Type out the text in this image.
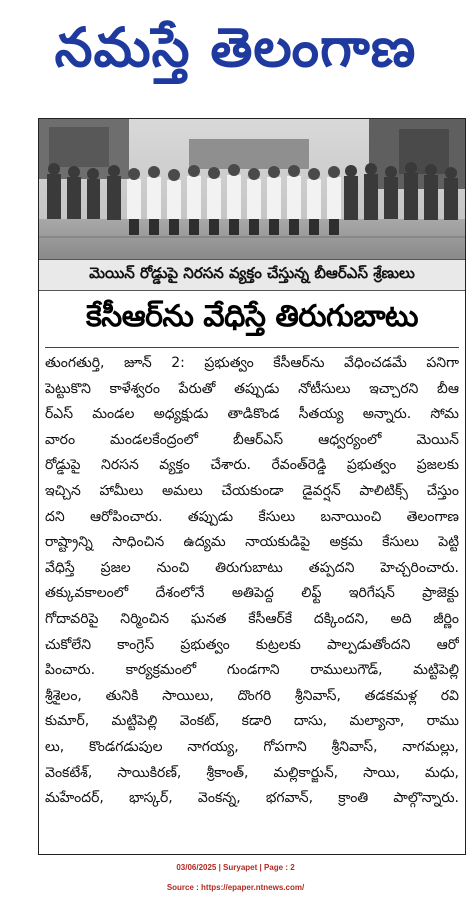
నమస్తే తెలంగాణ
మెయిన్ రోడ్డుపై నిరసన వ్యక్తం చేస్తున్న బీఆర్ఎస్ శ్రేణులు
కేసీఆర్‌ను వేధిస్తే తిరుగుబాటు
తుంగతుర్తి, జూన్ 2: ప్రభుత్వం కేసీఆర్‌ను వేధించడమే పనిగా
పెట్టుకొని కాళేశ్వరం పేరుతో తప్పుడు నోటీసులు ఇచ్చారని బీఆ
ర్ఎస్ మండల అధ్యక్షుడు తాడికొండ సీతయ్య అన్నారు. సోమ
వారం మండలకేంద్రంలో బీఆర్ఎస్ ఆధ్వర్యంలో మెయిన్
రోడ్డుపై నిరసన వ్యక్తం చేశారు. రేవంత్‌రెడ్డి ప్రభుత్వం ప్రజలకు
ఇచ్చిన హామీలు అమలు చేయకుండా డైవర్షన్ పాలిటిక్స్ చేస్తుం
దని ఆరోపించారు. తప్పుడు కేసులు బనాయించి తెలంగాణ
రాష్ట్రాన్ని సాధించిన ఉద్యమ నాయకుడిపై అక్రమ కేసులు పెట్టి
వేధిస్తే ప్రజల నుంచి తిరుగుబాటు తప్పదని హెచ్చరించారు.
తక్కువకాలంలో దేశంలోనే అతిపెద్ద లిఫ్ట్ ఇరిగేషన్ ప్రాజెక్టు
గోదావరిపై నిర్మించిన ఘనత కేసీఆర్‌కే దక్కిందని, అది జీర్ణిం
చుకోలేని కాంగ్రెస్ ప్రభుత్వం కుట్రలకు పాల్పడుతోందని ఆరో
పించారు. కార్యక్రమంలో గుండగాని రాములుగౌడ్, మట్టిపెల్లి
శ్రీశైలం, తునికి సాయిలు, దొంగరి శ్రీనివాస్, తడకమళ్ల రవి
కుమార్, మట్టిపెల్లి వెంకట్, కడారి దాసు, మల్యానా, రాము
లు, కొండగడుపుల నాగయ్య, గోపగాని శ్రీనివాస్, నాగమల్లు,
వెంకటేశ్, సాయికిరణ్, శ్రీకాంత్, మల్లికార్జున్, సాయి, మధు,
మహేందర్, భాస్కర్, వెంకన్న, భగవాన్, క్రాంతి పాల్గొన్నారు.
03/06/2025 | Suryapet | Page : 2
Source : https://epaper.ntnews.com/
